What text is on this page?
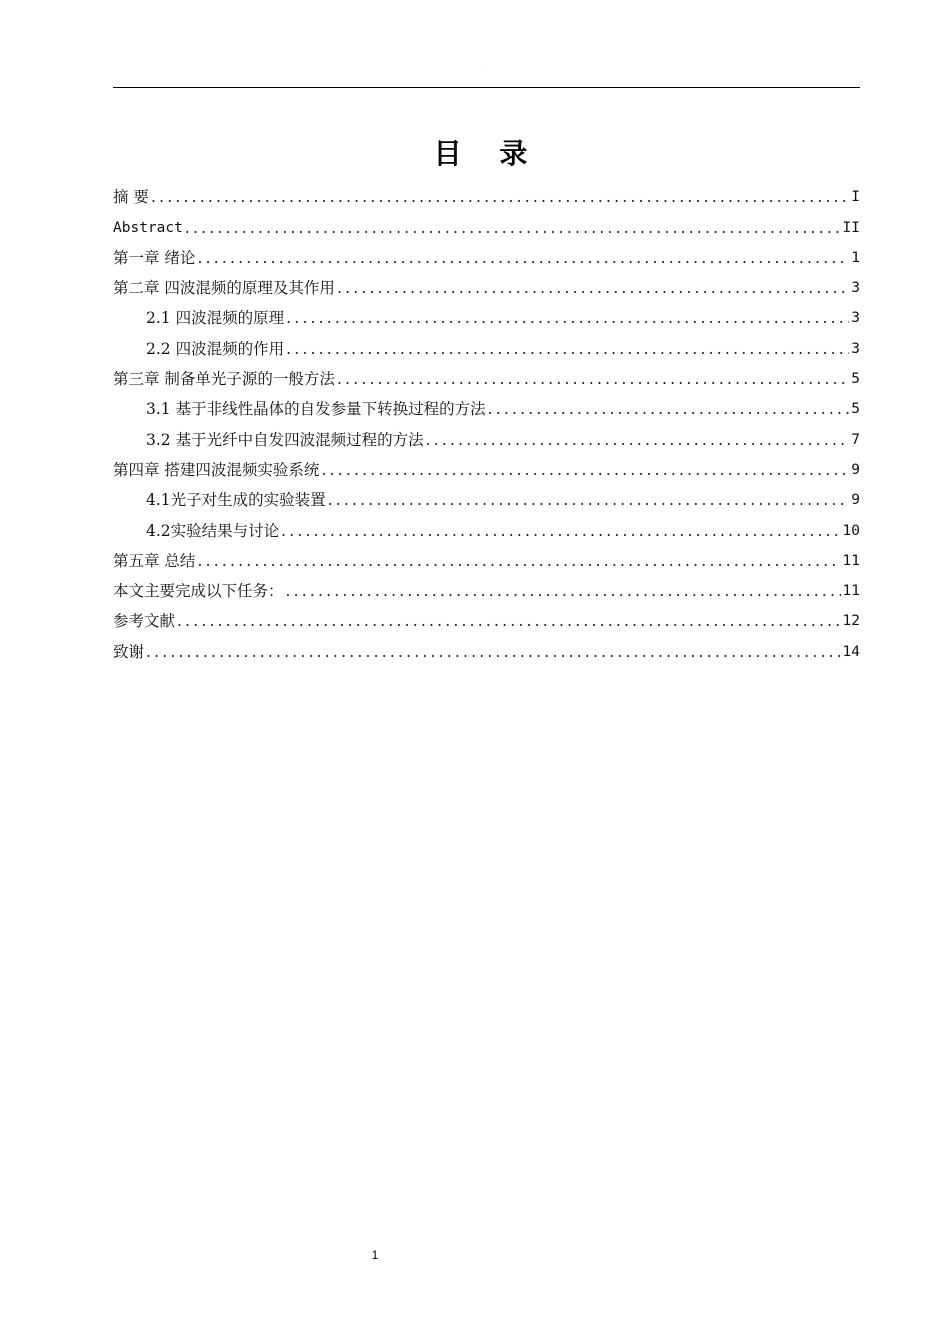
·
目 录
摘 要 .....	I
Abstract .....	II
第一章 绪论 .....	1
第二章 四波混频的原理及其作用 .....	3
2.1 四波混频的原理 .....	3
2.2 四波混频的作用 .....	3
第三章 制备单光子源的一般方法 .....	5
3.1 基于非线性晶体的自发参量下转换过程的方法 .....	5
3.2 基于光纤中自发四波混频过程的方法 .....	7
第四章 搭建四波混频实验系统 .....	9
4.1光子对生成的实验装置 .....	9
4.2实验结果与讨论 .....	10
第五章 总结 .....	11
本文主要完成以下任务： .....	11
参考文献 .....	12
致谢 .....	14
1
